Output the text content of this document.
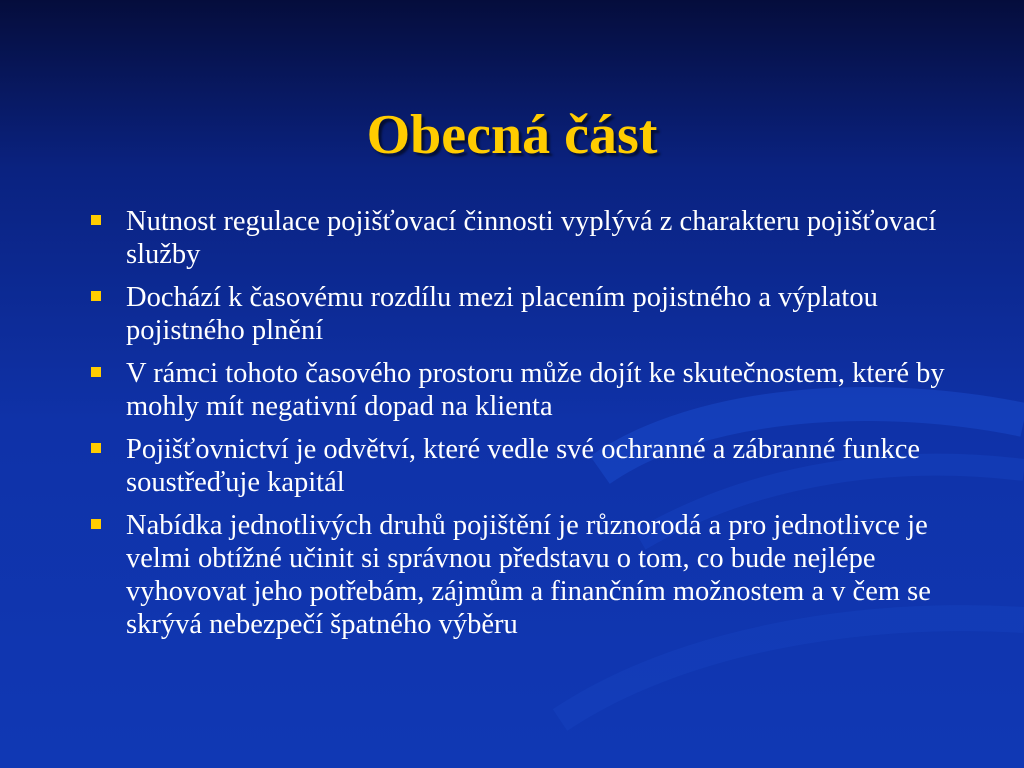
Obecná část
Nutnost regulace pojišťovací činnosti vyplývá z charakteru pojišťovací služby
Dochází k časovému rozdílu mezi placením pojistného a výplatou pojistného plnění
V rámci tohoto časového prostoru může dojít ke skutečnostem, které by mohly mít negativní dopad na klienta
Pojišťovnictví je odvětví, které vedle své ochranné a zábranné funkce soustřeďuje kapitál
Nabídka jednotlivých druhů pojištění je různorodá a pro jednotlivce je velmi obtížné učinit si správnou představu o tom, co bude nejlépe vyhovovat jeho potřebám, zájmům a finančním možnostem a v čem se skrývá nebezpečí špatného výběru
